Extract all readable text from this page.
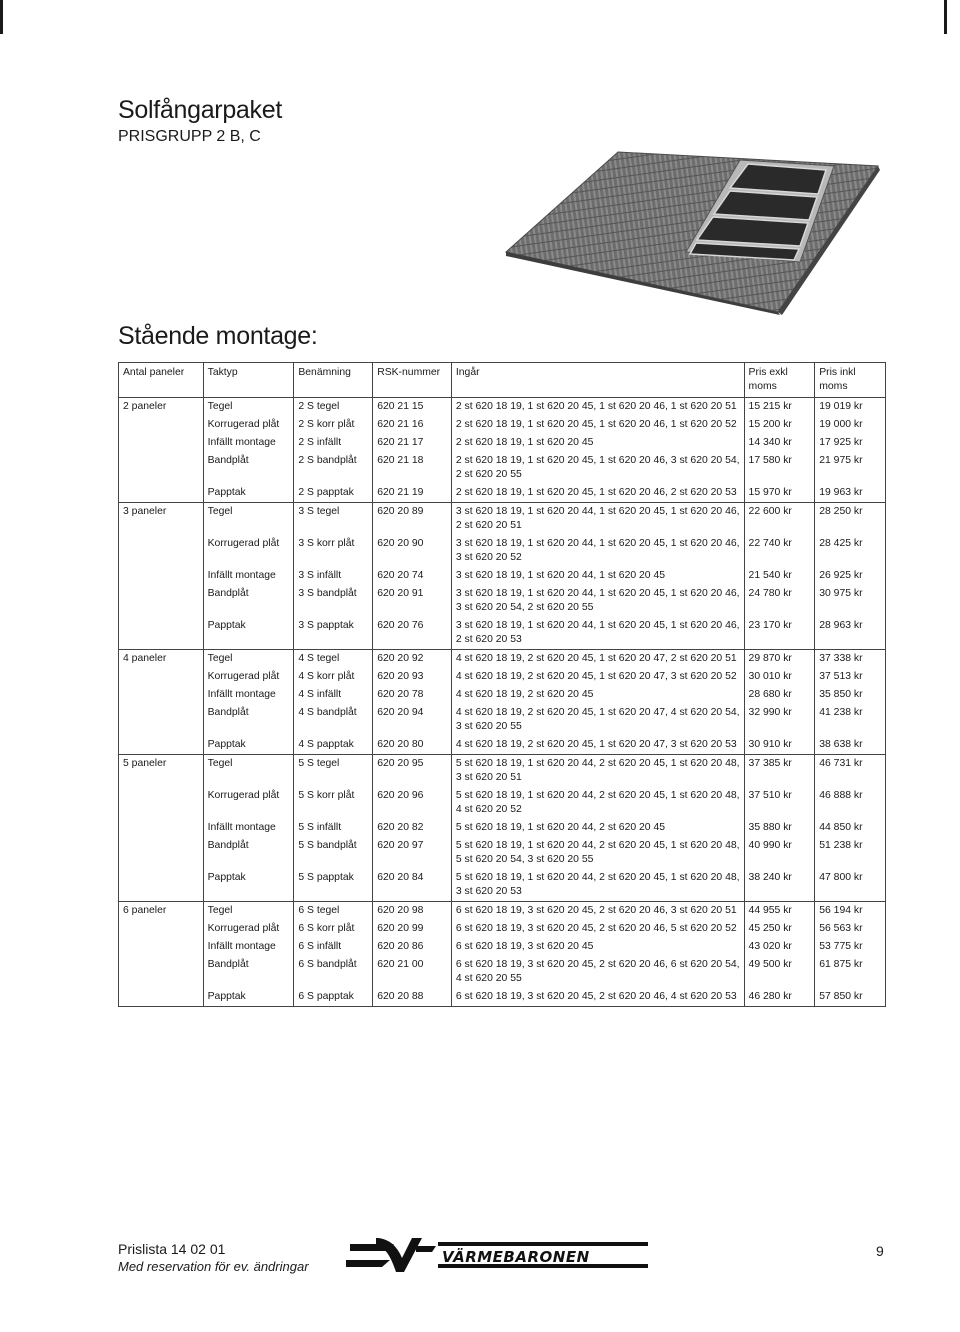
Solfångarpaket
PRISGRUPP 2 B, C
Stående montage:
Antal paneler	Taktyp	Benämning	RSK-nummer	Ingår	Pris exkl moms	Pris inkl moms
2 paneler	Tegel	2 S tegel	620 21 15	2 st 620 18 19, 1 st 620 20 45, 1 st 620 20 46, 1 st 620 20 51	15 215 kr	19 019 kr
	Korrugerad plåt	2 S korr plåt	620 21 16	2 st 620 18 19, 1 st 620 20 45, 1 st 620 20 46, 1 st 620 20 52	15 200 kr	19 000 kr
	Infällt montage	2 S infällt	620 21 17	2 st 620 18 19, 1 st 620 20 45	14 340 kr	17 925 kr
	Bandplåt	2 S bandplåt	620 21 18	2 st 620 18 19, 1 st 620 20 45, 1 st 620 20 46, 3 st 620 20 54, 2 st 620 20 55	17 580 kr	21 975 kr
	Papptak	2 S papptak	620 21 19	2 st 620 18 19, 1 st 620 20 45, 1 st 620 20 46, 2 st 620 20 53	15 970 kr	19 963 kr
3 paneler	Tegel	3 S tegel	620 20 89	3 st 620 18 19, 1 st 620 20 44, 1 st 620 20 45, 1 st 620 20 46, 2 st 620 20 51	22 600 kr	28 250 kr
	Korrugerad plåt	3 S korr plåt	620 20 90	3 st 620 18 19, 1 st 620 20 44, 1 st 620 20 45, 1 st 620 20 46, 3 st 620 20 52	22 740 kr	28 425 kr
	Infällt montage	3 S infällt	620 20 74	3 st 620 18 19, 1 st 620 20 44, 1 st 620 20 45	21 540 kr	26 925 kr
	Bandplåt	3 S bandplåt	620 20 91	3 st 620 18 19, 1 st 620 20 44, 1 st 620 20 45, 1 st 620 20 46, 3 st 620 20 54, 2 st 620 20 55	24 780 kr	30 975 kr
	Papptak	3 S papptak	620 20 76	3 st 620 18 19, 1 st 620 20 44, 1 st 620 20 45, 1 st 620 20 46, 2 st 620 20 53	23 170 kr	28 963 kr
4 paneler	Tegel	4 S tegel	620 20 92	4 st 620 18 19, 2 st 620 20 45, 1 st 620 20 47, 2 st 620 20 51	29 870 kr	37 338 kr
	Korrugerad plåt	4 S korr plåt	620 20 93	4 st 620 18 19, 2 st 620 20 45, 1 st 620 20 47, 3 st 620 20 52	30 010 kr	37 513 kr
	Infällt montage	4 S infällt	620 20 78	4 st 620 18 19, 2 st 620 20 45	28 680 kr	35 850 kr
	Bandplåt	4 S bandplåt	620 20 94	4 st 620 18 19, 2 st 620 20 45, 1 st 620 20 47, 4 st 620 20 54, 3 st 620 20 55	32 990 kr	41 238 kr
	Papptak	4 S papptak	620 20 80	4 st 620 18 19, 2 st 620 20 45, 1 st 620 20 47, 3 st 620 20 53	30 910 kr	38 638 kr
5 paneler	Tegel	5 S tegel	620 20 95	5 st 620 18 19, 1 st 620 20 44, 2 st 620 20 45, 1 st 620 20 48, 3 st 620 20 51	37 385 kr	46 731 kr
	Korrugerad plåt	5 S korr plåt	620 20 96	5 st 620 18 19, 1 st 620 20 44, 2 st 620 20 45, 1 st 620 20 48, 4 st 620 20 52	37 510 kr	46 888 kr
	Infällt montage	5 S infällt	620 20 82	5 st 620 18 19, 1 st 620 20 44, 2 st 620 20 45	35 880 kr	44 850 kr
	Bandplåt	5 S bandplåt	620 20 97	5 st 620 18 19, 1 st 620 20 44, 2 st 620 20 45, 1 st 620 20 48, 5 st 620 20 54, 3 st 620 20 55	40 990 kr	51 238 kr
	Papptak	5 S papptak	620 20 84	5 st 620 18 19, 1 st 620 20 44, 2 st 620 20 45, 1 st 620 20 48, 3 st 620 20 53	38 240 kr	47 800 kr
6 paneler	Tegel	6 S tegel	620 20 98	6 st 620 18 19, 3 st 620 20 45, 2 st 620 20 46, 3 st 620 20 51	44 955 kr	56 194 kr
	Korrugerad plåt	6 S korr plåt	620 20 99	6 st 620 18 19, 3 st 620 20 45, 2 st 620 20 46, 5 st 620 20 52	45 250 kr	56 563 kr
	Infällt montage	6 S infällt	620 20 86	6 st 620 18 19, 3 st 620 20 45	43 020 kr	53 775 kr
	Bandplåt	6 S bandplåt	620 21 00	6 st 620 18 19, 3 st 620 20 45, 2 st 620 20 46, 6 st 620 20 54, 4 st 620 20 55	49 500 kr	61 875 kr
	Papptak	6 S papptak	620 20 88	6 st 620 18 19, 3 st 620 20 45, 2 st 620 20 46, 4 st 620 20 53	46 280 kr	57 850 kr

Prislista 14 02 01

Med reservation för ev. ändringar

VÄRMEBARONEN	9
